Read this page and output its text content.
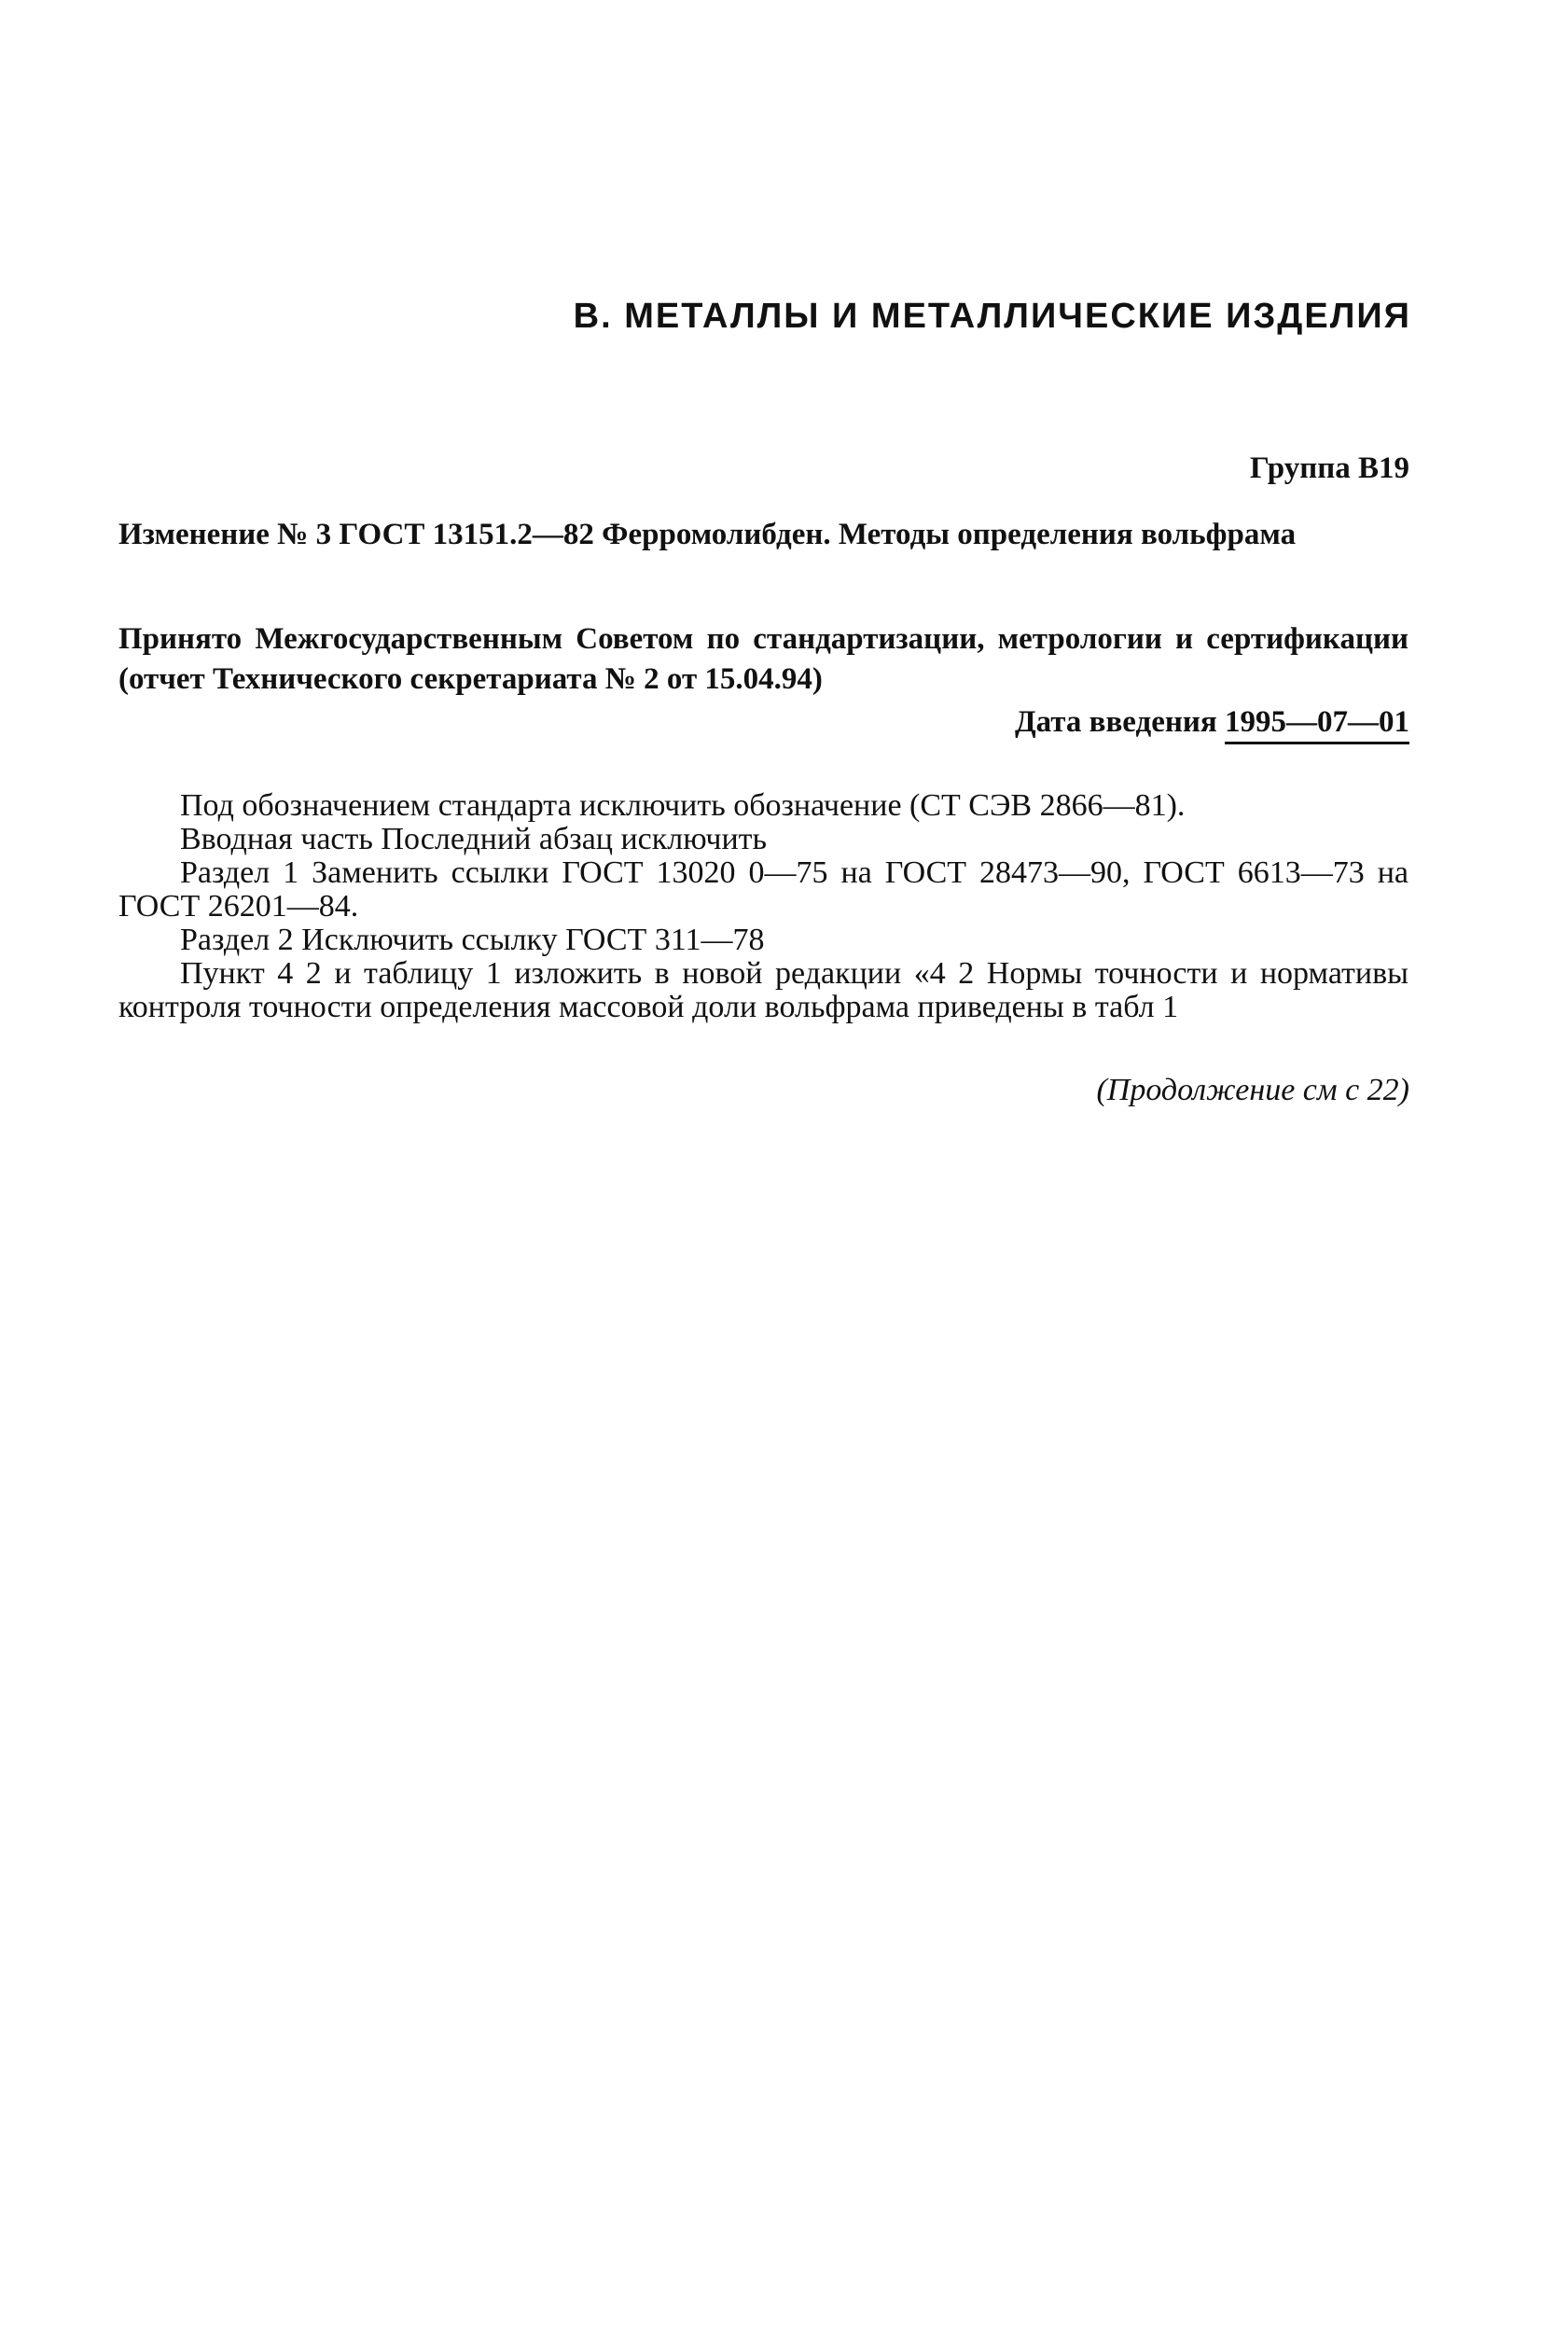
В. МЕТАЛЛЫ И МЕТАЛЛИЧЕСКИЕ ИЗДЕЛИЯ
Группа В19
Изменение № 3 ГОСТ 13151.2—82 Ферромолибден. Методы определения вольфрама
Принято Межгосударственным Советом по стандартизации, метрологии и сертификации (отчет Технического секретариата № 2 от 15.04.94)
Дата введения 1995—07—01

Под обозначением стандарта исключить обозначение (СТ СЭВ 2866—81).

Вводная часть Последний абзац исключить

Раздел 1 Заменить ссылки ГОСТ 13020 0—75 на ГОСТ 28473—90, ГОСТ 6613—73 на ГОСТ 26201—84.

Раздел 2 Исключить ссылку ГОСТ 311—78

Пункт 4 2 и таблицу 1 изложить в новой редакции «4 2 Нормы точности и нормативы контроля точности определения массовой доли вольфрама приведены в табл 1

(Продолжение см с 22)
